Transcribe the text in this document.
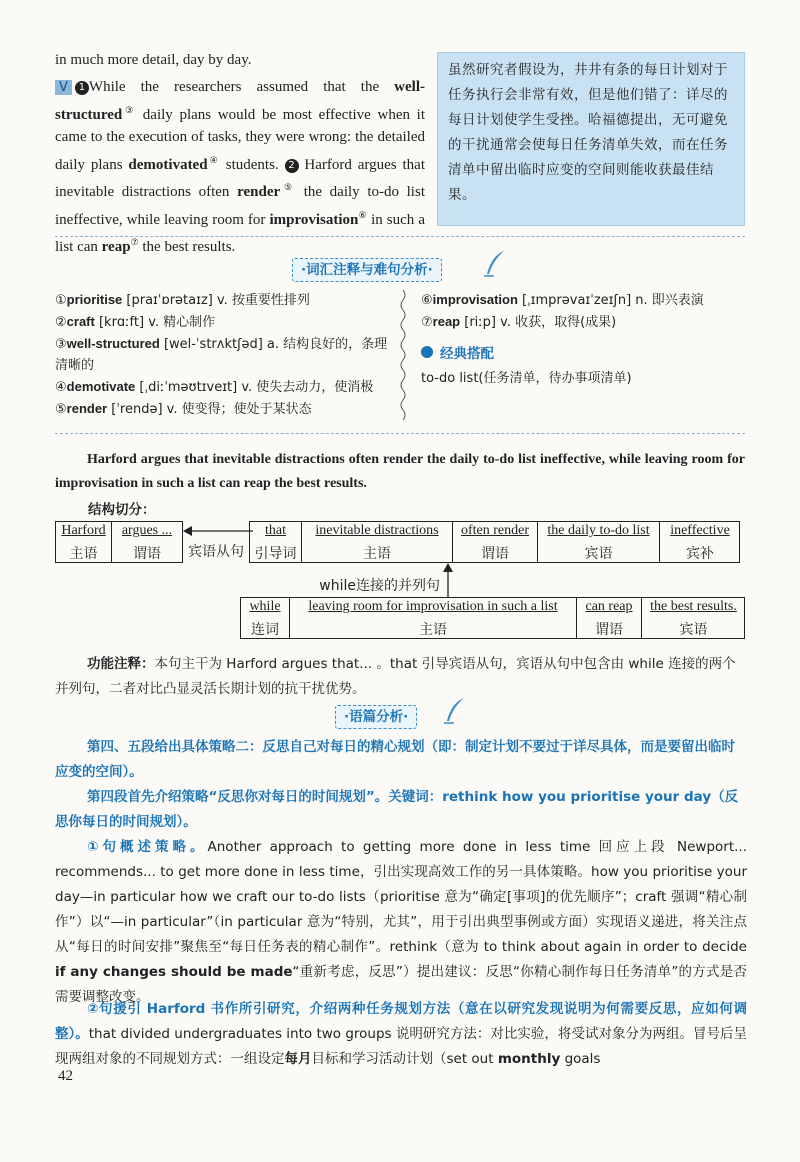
in much more detail, day by day.
V 1 While the researchers assumed that the well-structured③ daily plans would be most effective when it came to the execution of tasks, they were wrong: the detailed daily plans demotivated④ students. 2 Harford argues that inevitable distractions often render⑤ the daily to-do list ineffective, while leaving room for improvisation⑥ in such a list can reap⑦ the best results.
虽然研究者假设为，井井有条的每日计划对于任务执行会非常有效，但是他们错了：详尽的每日计划使学生受挫。哈福德提出，无可避免的干扰通常会使每日任务清单失效，而在任务清单中留出临时应变的空间则能收获最佳结果。
·词汇注释与难句分析·
①prioritise [praɪˈɒrətaɪz] v. 按重要性排列
②craft [krɑːft] v. 精心制作
③well-structured [wel-ˈstrʌktʃəd] a. 结构良好的，条理清晰的
④demotivate [ˌdiːˈməʊtɪveɪt] v. 使失去动力，使消极
⑤render [ˈrendə] v. 使变得；使处于某状态
⑥improvisation [ˌɪmprəvaɪˈzeɪʃn] n. 即兴表演
⑦reap [riːp] v. 收获，取得(成果)
经典搭配
to-do list(任务清单，待办事项清单)
Harford argues that inevitable distractions often render the daily to-do list ineffective, while leaving room for improvisation in such a list can reap the best results.
结构切分：
Harford
主语
argues ...
谓语	宾语从句
that
引导词
inevitable distractions
主语
often render
谓语
the daily to-do list
宾语
ineffective
宾补
while连接的并列句
while
连词
leaving room for improvisation in such a list
主语
can reap
谓语
the best results.
宾语
功能注释：本句主干为 Harford argues that... 。that 引导宾语从句，宾语从句中包含由 while 连接的两个并列句，二者对比凸显灵活长期计划的抗干扰优势。
·语篇分析·
第四、五段给出具体策略二：反思自己对每日的精心规划（即：制定计划不要过于详尽具体，而是要留出临时应变的空间）。
第四段首先介绍策略“反思你对每日的时间规划”。关键词：rethink how you prioritise your day（反思你每日的时间规划）。
①句概述策略。Another approach to getting more done in less time 回应上段 Newport... recommends... to get more done in less time，引出实现高效工作的另一具体策略。how you prioritise your day—in particular how we craft our to-do lists（prioritise 意为“确定[事项]的优先顺序”；craft 强调“精心制作”）以“—in particular”（in particular 意为“特别，尤其”，用于引出典型事例或方面）实现语义递进，将关注点从“每日的时间安排”聚焦至“每日任务表的精心制作”。rethink（意为 to think about again in order to decide if any changes should be made“重新考虑，反思”）提出建议：反思“你精心制作每日任务清单”的方式是否需要调整改变。
②句援引 Harford 书作所引研究，介绍两种任务规划方法（意在以研究发现说明为何需要反思，应如何调整）。that divided undergraduates into two groups 说明研究方法：对比实验，将受试对象分为两组。冒号后呈现两组对象的不同规划方式：一组设定每月目标和学习活动计划（set out monthly goals
42
